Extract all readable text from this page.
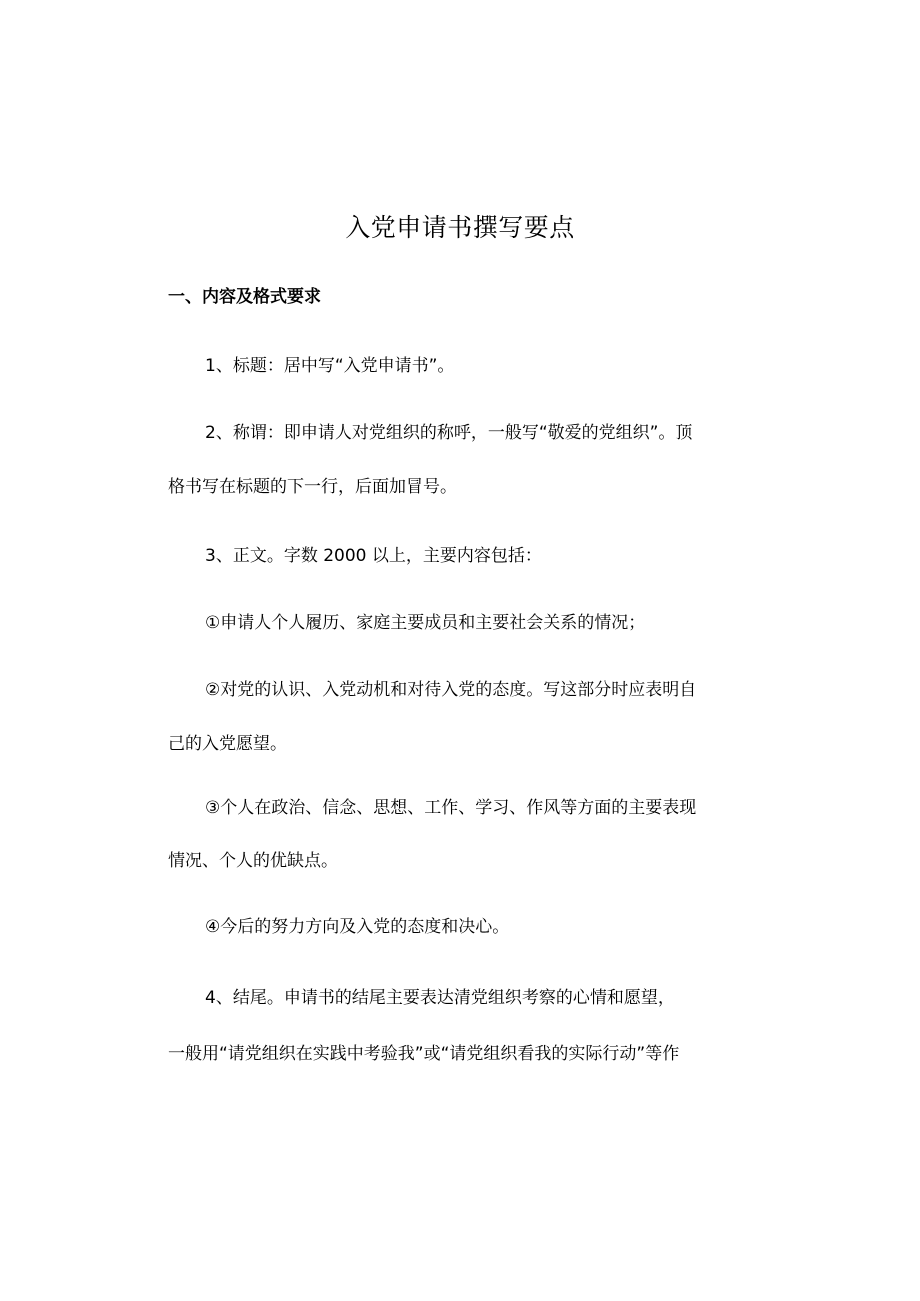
入党申请书撰写要点
一、内容及格式要求
1、标题：居中写“入党申请书”。
2、称谓：即申请人对党组织的称呼，一般写“敬爱的党组织”。顶
格书写在标题的下一行，后面加冒号。
3、正文。字数 2000 以上，主要内容包括：
①申请人个人履历、家庭主要成员和主要社会关系的情况；
②对党的认识、入党动机和对待入党的态度。写这部分时应表明自
己的入党愿望。
③个人在政治、信念、思想、工作、学习、作风等方面的主要表现
情况、个人的优缺点。
④今后的努力方向及入党的态度和决心。
4、结尾。申请书的结尾主要表达清党组织考察的心情和愿望，
一般用“请党组织在实践中考验我”或“请党组织看我的实际行动”等作
